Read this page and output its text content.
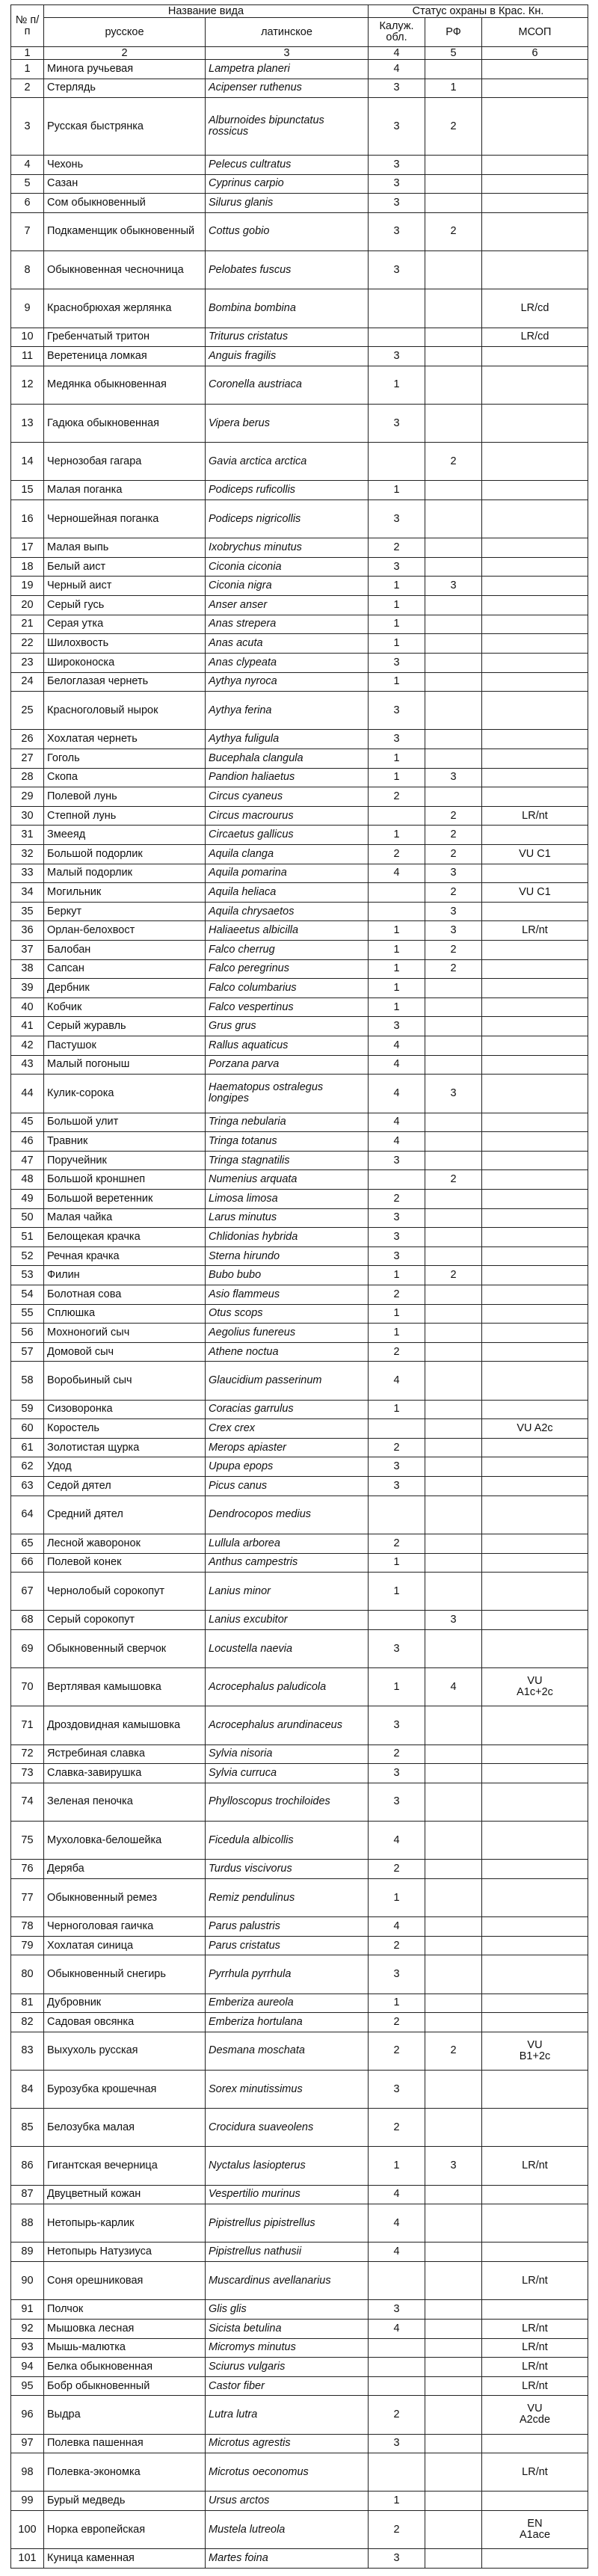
№ п/п	Название вида		Статус охраны в Крас. Кн.		
	русское	латинское	Калуж. обл.	РФ	МСОП
1	2	3	4	5	6
1	Минога ручьевая	Lampetra planeri	4		
2	Стерлядь	Acipenser ruthenus	3	1	
3	Русская быстрянка	Alburnoides bipunctatus rossicus	3	2	
4	Чехонь	Pelecus cultratus	3		
5	Сазан	Cyprinus carpio	3		
6	Сом обыкновенный	Silurus glanis	3		
7	Подкаменщик обыкновенный	Cottus gobio	3	2	
8	Обыкновенная чесночница	Pelobates fuscus	3		
9	Краснобрюхая жерлянка	Bombina bombina			LR/cd
10	Гребенчатый тритон	Triturus cristatus			LR/cd
11	Веретеница ломкая	Anguis fragilis	3		
12	Медянка обыкновенная	Coronella austriaca	1		
13	Гадюка обыкновенная	Vipera berus	3		
14	Чернозобая гагара	Gavia arctica arctica		2	
15	Малая поганка	Podiceps ruficollis	1		
16	Черношейная поганка	Podiceps nigricollis	3		
17	Малая выпь	Ixobrychus minutus	2		
18	Белый аист	Ciconia ciconia	3		
19	Черный аист	Ciconia nigra	1	3	
20	Серый гусь	Anser anser	1		
21	Серая утка	Anas strepera	1		
22	Шилохвость	Anas acuta	1		
23	Широконоска	Anas clypeata	3		
24	Белоглазая чернеть	Aythya nyroca	1		
25	Красноголовый нырок	Aythya ferina	3		
26	Хохлатая чернеть	Aythya fuligula	3		
27	Гоголь	Bucephala clangula	1		
28	Скопа	Pandion haliaetus	1	3	
29	Полевой лунь	Circus cyaneus	2		
30	Степной лунь	Circus macrourus		2	LR/nt
31	Змееяд	Circaetus gallicus	1	2	
32	Большой подорлик	Aquila clanga	2	2	VU C1
33	Малый подорлик	Aquila pomarina	4	3	
34	Могильник	Aquila heliaca		2	VU C1
35	Беркут	Aquila chrysaetos		3	
36	Орлан-белохвост	Haliaeetus albicilla	1	3	LR/nt
37	Балобан	Falco cherrug	1	2	
38	Сапсан	Falco peregrinus	1	2	
39	Дербник	Falco columbarius	1		
40	Кобчик	Falco vespertinus	1		
41	Серый журавль	Grus grus	3		
42	Пастушок	Rallus aquaticus	4		
43	Малый погоныш	Porzana parva	4		
44	Кулик-сорока	Haematopus ostralegus longipes	4	3	
45	Большой улит	Tringa nebularia	4		
46	Травник	Tringa totanus	4		
47	Поручейник	Tringa stagnatilis	3		
48	Большой кроншнеп	Numenius arquata		2	
49	Большой веретенник	Limosa limosa	2		
50	Малая чайка	Larus minutus	3		
51	Белощекая крачка	Chlidonias hybrida	3		
52	Речная крачка	Sterna hirundo	3		
53	Филин	Bubo bubo	1	2	
54	Болотная сова	Asio flammeus	2		
55	Сплюшка	Otus scops	1		
56	Мохноногий сыч	Aegolius funereus	1		
57	Домовой сыч	Athene noctua	2		
58	Воробьиный сыч	Glaucidium passerinum	4		
59	Сизоворонка	Coracias garrulus	1		
60	Коростель	Crex crex			VU A2c
61	Золотистая щурка	Merops apiaster	2		
62	Удод	Upupa epops	3		
63	Седой дятел	Picus canus	3		
64	Средний дятел	Dendrocopos medius			
65	Лесной жаворонок	Lullula arborea	2		
66	Полевой конек	Anthus campestris	1		
67	Чернолобый сорокопут	Lanius minor	1		
68	Серый сорокопут	Lanius excubitor		3	
69	Обыкновенный сверчок	Locustella naevia	3		
70	Вертлявая камышовка	Acrocephalus paludicola	1	4	VU
A1c+2c
71	Дроздовидная камышовка	Acrocephalus arundinaceus	3		
72	Ястребиная славка	Sylvia nisoria	2		
73	Славка-завирушка	Sylvia curruca	3		
74	Зеленая пеночка	Phylloscopus trochiloides	3		
75	Мухоловка-белошейка	Ficedula albicollis	4		
76	Деряба	Turdus viscivorus	2		
77	Обыкновенный ремез	Remiz pendulinus	1		
78	Черноголовая гаичка	Parus palustris	4		
79	Хохлатая синица	Parus cristatus	2		
80	Обыкновенный снегирь	Pyrrhula pyrrhula	3		
81	Дубровник	Emberiza aureola	1		
82	Садовая овсянка	Emberiza hortulana	2		
83	Выхухоль русская	Desmana moschata	2	2	VU
B1+2c
84	Бурозубка крошечная	Sorex minutissimus	3		
85	Белозубка малая	Crocidura suaveolens	2		
86	Гигантская вечерница	Nyctalus lasiopterus	1	3	LR/nt
87	Двуцветный кожан	Vespertilio murinus	4		
88	Нетопырь-карлик	Pipistrellus pipistrellus	4		
89	Нетопырь Натузиуса	Pipistrellus nathusii	4		
90	Соня орешниковая	Muscardinus avellanarius			LR/nt
91	Полчок	Glis glis	3		
92	Мышовка лесная	Sicista betulina	4		LR/nt
93	Мышь-малютка	Micromys minutus			LR/nt
94	Белка обыкновенная	Sciurus vulgaris			LR/nt
95	Бобр обыкновенный	Castor fiber			LR/nt
96	Выдра	Lutra lutra	2		VU
A2cde
97	Полевка пашенная	Microtus agrestis	3		
98	Полевка-экономка	Microtus oeconomus			LR/nt
99	Бурый медведь	Ursus arctos	1		
100	Норка европейская	Mustela lutreola	2		EN
A1ace
101	Куница каменная	Martes foina	3		
